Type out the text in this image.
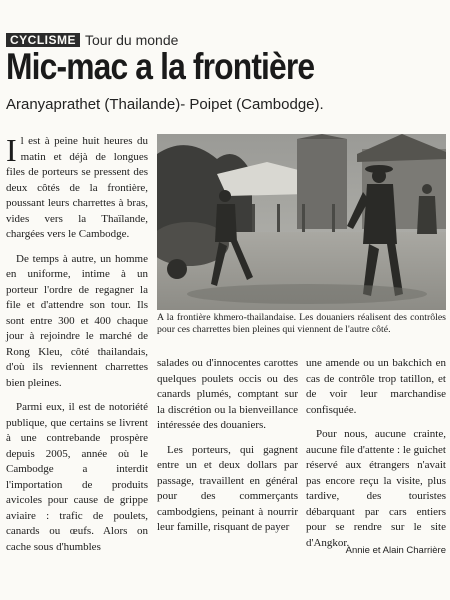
CYCLISME Tour du monde
Mic-mac a la frontière
Aranyaprathet (Thailande)- Poipet (Cambodge).

Il est à peine huit heures du matin et déjà de longues files de porteurs se pressent des deux côtés de la frontière, poussant leurs charrettes à bras, vides vers la Thaïlande, chargées vers le Cambodge.

De temps à autre, un homme en uniforme, intime à un porteur l'ordre de regagner la file et d'attendre son tour. Ils sont entre 300 et 400 chaque jour à rejoindre le marché de Rong Kleu, côté thailandais, d'où ils reviennent charrettes bien pleines.

Parmi eux, il est de notoriété publique, que certains se livrent à une contrebande prospère depuis 2005, année où le Cambodge a interdit l'importation de produits avicoles pour cause de grippe aviaire : trafic de poulets, canards ou œufs. Alors on cache sous d'humbles

A la frontière khmero-thailandaise. Les douaniers réalisent des contrôles pour ces charrettes bien pleines qui viennent de l'autre côté.

salades ou d'innocentes carottes quelques poulets occis ou des canards plumés, comptant sur la discrétion ou la bienveillance intéressée des douaniers.

Les porteurs, qui gagnent entre un et deux dollars par passage, travaillent en général pour des commerçants cambodgiens, peinant à nourrir leur famille, risquant de payer

une amende ou un bakchich en cas de contrôle trop tatillon, et de voir leur marchandise confisquée.

Pour nous, aucune crainte, aucune file d'attente : le guichet réservé aux étrangers n'avait pas encore reçu la visite, plus tardive, des touristes débarquant par cars entiers pour se rendre sur le site d'Angkor.

Annie et Alain Charrière
